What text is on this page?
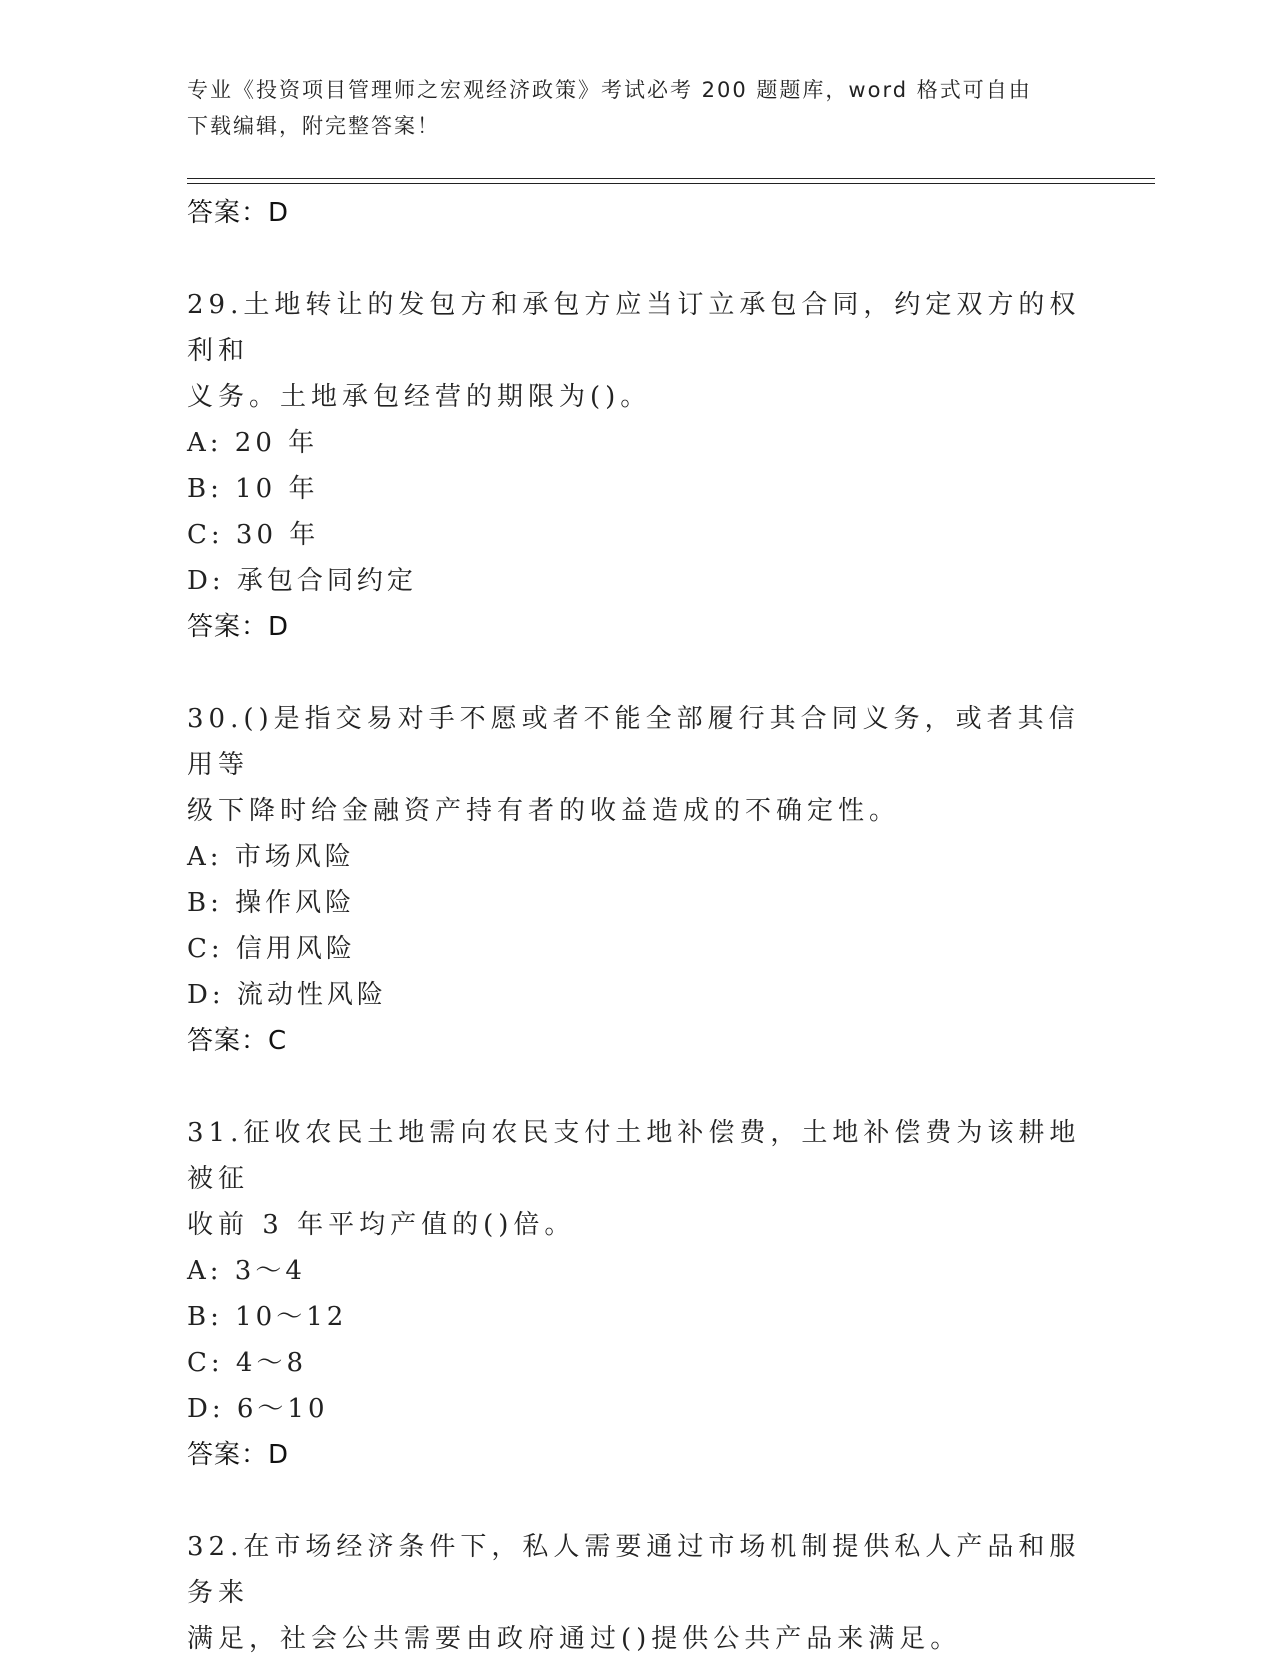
专业《投资项目管理师之宏观经济政策》考试必考 200 题题库，word 格式可自由
下载编辑，附完整答案！
答案：D
29.土地转让的发包方和承包方应当订立承包合同，约定双方的权利和
义务。土地承包经营的期限为()。
A: 20 年
B: 10 年
C: 30 年
D: 承包合同约定
答案：D
30.()是指交易对手不愿或者不能全部履行其合同义务，或者其信用等
级下降时给金融资产持有者的收益造成的不确定性。
A: 市场风险
B: 操作风险
C: 信用风险
D: 流动性风险
答案：C
31.征收农民土地需向农民支付土地补偿费，土地补偿费为该耕地被征
收前 3 年平均产值的()倍。
A: 3～4
B: 10～12
C: 4～8
D: 6～10
答案：D
32.在市场经济条件下，私人需要通过市场机制提供私人产品和服务来
满足，社会公共需要由政府通过()提供公共产品来满足。
